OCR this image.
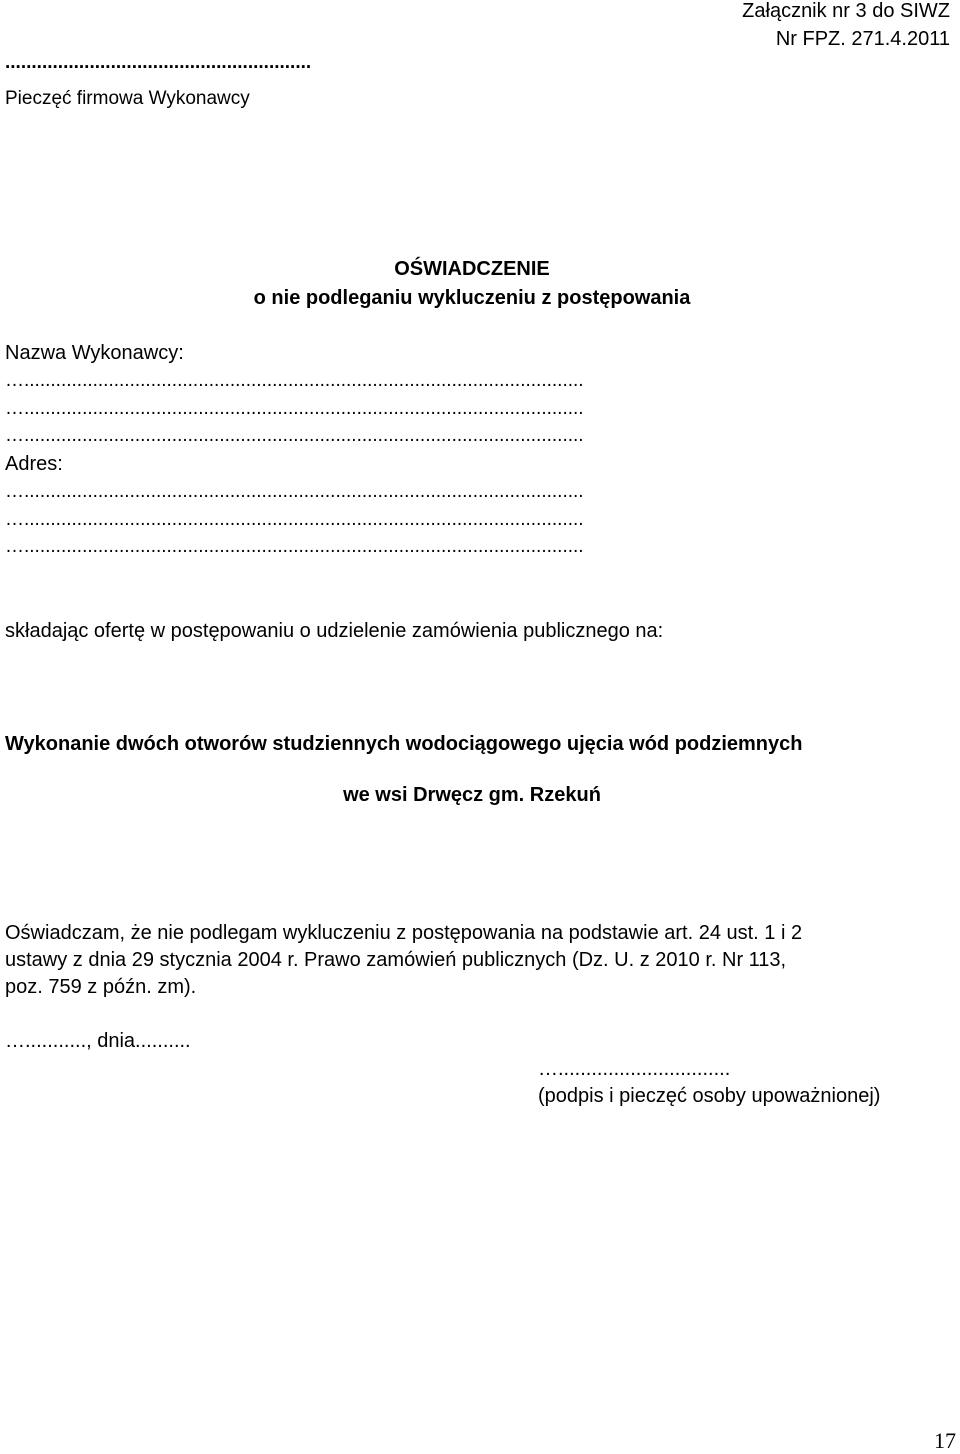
Załącznik nr 3 do SIWZ
Nr FPZ. 271.4.2011
..........................................................
Pieczęć firmowa Wykonawcy
OŚWIADCZENIE
o nie podleganiu wykluczeniu z postępowania
Nazwa Wykonawcy:
…..........................................................................................................
…..........................................................................................................
…..........................................................................................................
Adres:
…..........................................................................................................
…..........................................................................................................
…..........................................................................................................
składając ofertę w postępowaniu o udzielenie zamówienia publicznego na:
Wykonanie dwóch otworów studziennych wodociągowego ujęcia wód podziemnych
we wsi Drwęcz gm. Rzekuń
Oświadczam, że nie podlegam wykluczeniu z postępowania na podstawie art. 24 ust. 1 i 2
ustawy z dnia 29 stycznia 2004 r. Prawo zamówień publicznych (Dz. U. z 2010 r. Nr 113,
poz. 759 z późn. zm).
…..........., dnia..........
…...............................
(podpis i pieczęć osoby upoważnionej)
17
